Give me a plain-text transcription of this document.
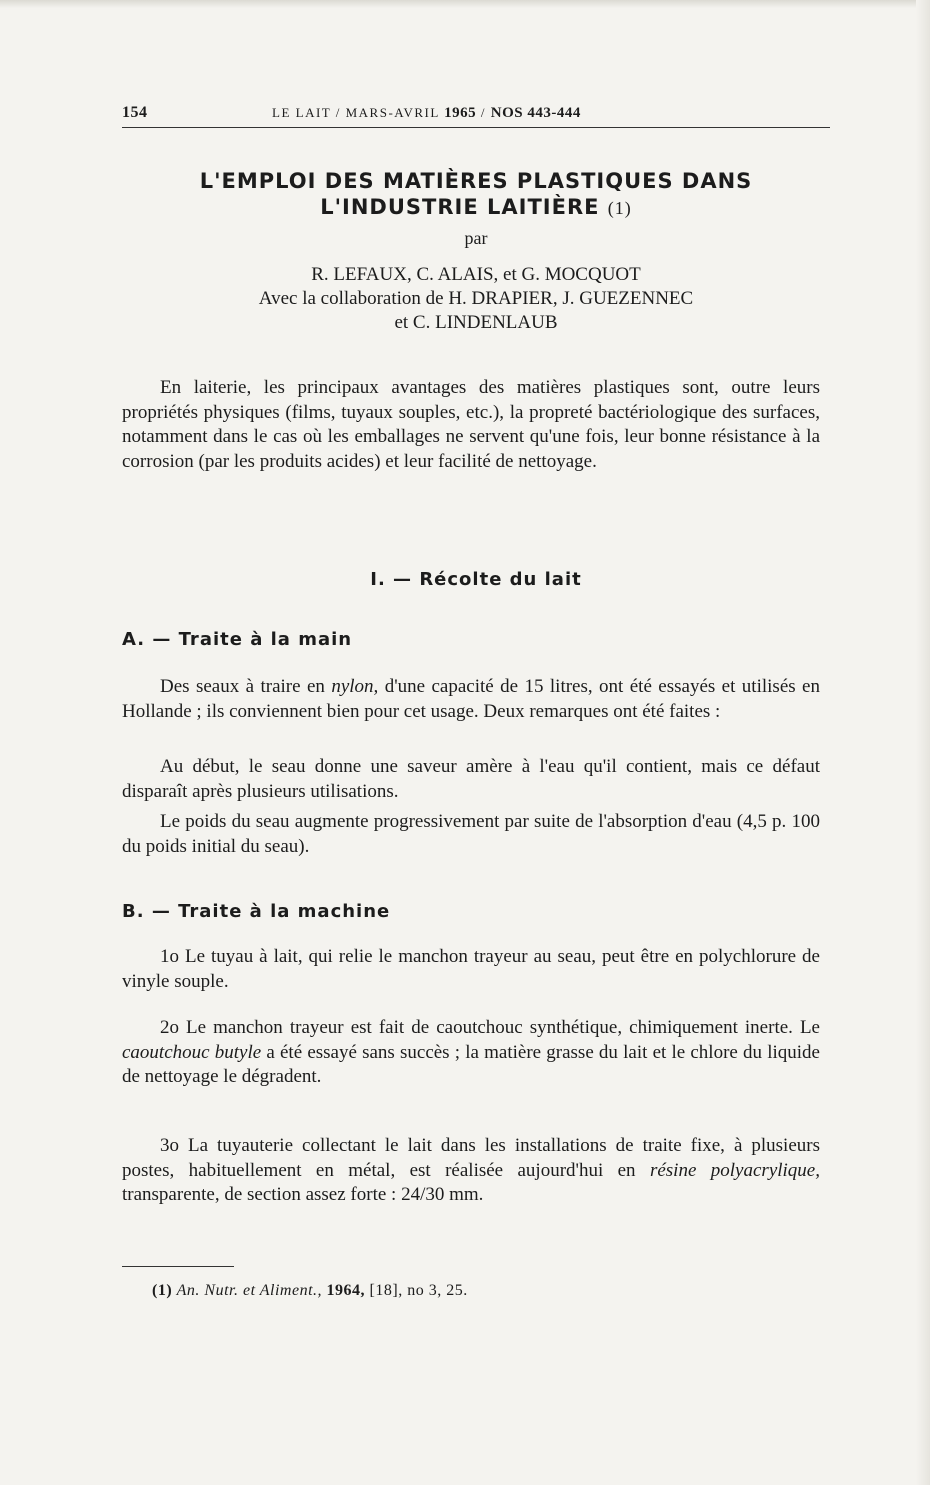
154	LE LAIT / MARS-AVRIL 1965 / NOS 443-444
L'EMPLOI DES MATIÈRES PLASTIQUES DANS
L'INDUSTRIE LAITIÈRE (1)
par
R. LEFAUX, C. ALAIS, et G. MOCQUOT
Avec la collaboration de H. DRAPIER, J. GUEZENNEC
et C. LINDENLAUB

En laiterie, les principaux avantages des matières plastiques sont, outre leurs propriétés physiques (films, tuyaux souples, etc.), la propreté bactériologique des surfaces, notamment dans le cas où les emballages ne servent qu'une fois, leur bonne résistance à la corrosion (par les produits acides) et leur facilité de nettoyage.

I. — Récolte du lait
A. — Traite à la main

Des seaux à traire en nylon, d'une capacité de 15 litres, ont été essayés et utilisés en Hollande ; ils conviennent bien pour cet usage. Deux remarques ont été faites :

Au début, le seau donne une saveur amère à l'eau qu'il contient, mais ce défaut disparaît après plusieurs utilisations.

Le poids du seau augmente progressivement par suite de l'absorption d'eau (4,5 p. 100 du poids initial du seau).

B. — Traite à la machine

1o Le tuyau à lait, qui relie le manchon trayeur au seau, peut être en polychlorure de vinyle souple.

2o Le manchon trayeur est fait de caoutchouc synthétique, chimiquement inerte. Le caoutchouc butyle a été essayé sans succès ; la matière grasse du lait et le chlore du liquide de nettoyage le dégradent.

3o La tuyauterie collectant le lait dans les installations de traite fixe, à plusieurs postes, habituellement en métal, est réalisée aujourd'hui en résine polyacrylique, transparente, de section assez forte : 24/30 mm.

(1) An. Nutr. et Aliment., 1964, [18], no 3, 25.
